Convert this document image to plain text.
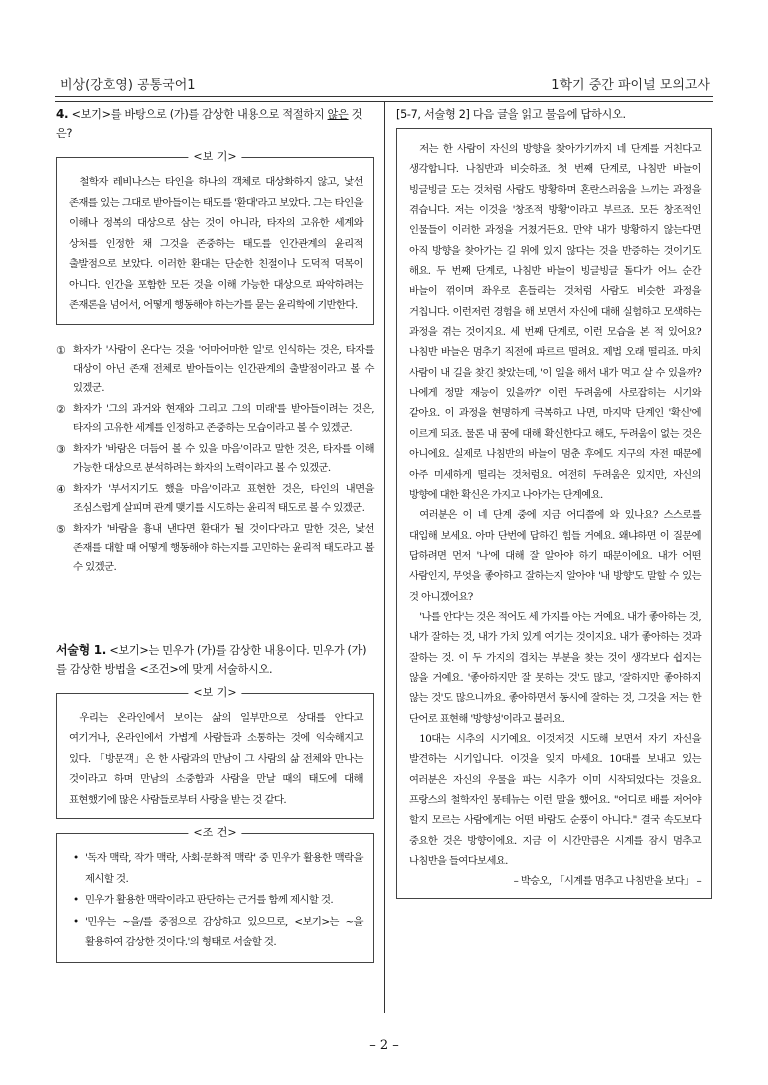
비상(강호영) 공통국어1	1학기 중간 파이널 모의고사
4. <보기>를 바탕으로 (가)를 감상한 내용으로 적절하지 않은 것은?
<보 기>
철학자 레비나스는 타인을 하나의 객체로 대상화하지 않고, 낯선 존재를 있는 그대로 받아들이는 태도를 '환대'라고 보았다. 그는 타인을 이해나 정복의 대상으로 삼는 것이 아니라, 타자의 고유한 세계와 상처를 인정한 채 그것을 존중하는 태도를 인간관계의 윤리적 출발점으로 보았다. 이러한 환대는 단순한 친절이나 도덕적 덕목이 아니다. 인간을 포함한 모든 것을 이해 가능한 대상으로 파악하려는 존재론을 넘어서, 어떻게 행동해야 하는가를 묻는 윤리학에 기반한다.
① 화자가 '사람이 온다'는 것을 '어마어마한 일'로 인식하는 것은, 타자를 대상이 아닌 존재 전체로 받아들이는 인간관계의 출발점이라고 볼 수 있겠군.
② 화자가 '그의 과거와 현재와 그리고 그의 미래'를 받아들이려는 것은, 타자의 고유한 세계를 인정하고 존중하는 모습이라고 볼 수 있겠군.
③ 화자가 '바람은 더듬어 볼 수 있을 마음'이라고 말한 것은, 타자를 이해 가능한 대상으로 분석하려는 화자의 노력이라고 볼 수 있겠군.
④ 화자가 '부서지기도 했을 마음'이라고 표현한 것은, 타인의 내면을 조심스럽게 살피며 관계 맺기를 시도하는 윤리적 태도로 볼 수 있겠군.
⑤ 화자가 '바람을 흉내 낸다면 환대가 될 것이다'라고 말한 것은, 낯선 존재를 대할 때 어떻게 행동해야 하는지를 고민하는 윤리적 태도라고 볼 수 있겠군.
서술형 1. <보기>는 민우가 (가)를 감상한 내용이다. 민우가 (가)를 감상한 방법을 <조건>에 맞게 서술하시오.
<보 기>
우리는 온라인에서 보이는 삶의 일부만으로 상대를 안다고 여기거나, 온라인에서 가볍게 사람들과 소통하는 것에 익숙해지고 있다. 「방문객」은 한 사람과의 만남이 그 사람의 삶 전체와 만나는 것이라고 하며 만남의 소중함과 사람을 만날 때의 태도에 대해 표현했기에 많은 사람들로부터 사랑을 받는 것 같다.
<조 건>
• '독자 맥락, 작가 맥락, 사회·문화적 맥락' 중 민우가 활용한 맥락을 제시할 것.
• 민우가 활용한 맥락이라고 판단하는 근거를 함께 제시할 것.
• '민우는 ~을/를 중점으로 감상하고 있으므로, <보기>는 ~을 활용하여 감상한 것이다.'의 형태로 서술할 것.
[5-7, 서술형 2] 다음 글을 읽고 물음에 답하시오.

저는 한 사람이 자신의 방향을 찾아가기까지 네 단계를 거친다고 생각합니다. 나침반과 비슷하죠. 첫 번째 단계로, 나침반 바늘이 빙글빙글 도는 것처럼 사람도 방황하며 혼란스러움을 느끼는 과정을 겪습니다. 저는 이것을 '창조적 방황'이라고 부르죠. 모든 창조적인 인물들이 이러한 과정을 거쳤거든요. 만약 내가 방황하지 않는다면 아직 방향을 찾아가는 길 위에 있지 않다는 것을 반증하는 것이기도 해요. 두 번째 단계로, 나침반 바늘이 빙글빙글 돌다가 어느 순간 바늘이 꺾이며 좌우로 흔들리는 것처럼 사람도 비슷한 과정을 거칩니다. 이런저런 경험을 해 보면서 자신에 대해 실험하고 모색하는 과정을 겪는 것이지요. 세 번째 단계로, 이런 모습을 본 적 있어요? 나침반 바늘은 멈추기 직전에 파르르 떨려요. 제법 오래 떨리죠. 마치 사람이 내 길을 찾긴 찾았는데, '이 일을 해서 내가 먹고 살 수 있을까? 나에게 정말 재능이 있을까?' 이런 두려움에 사로잡히는 시기와 같아요. 이 과정을 현명하게 극복하고 나면, 마지막 단계인 '확신'에 이르게 되죠. 물론 내 꿈에 대해 확신한다고 해도, 두려움이 없는 것은 아니에요. 실제로 나침반의 바늘이 멈춘 후에도 지구의 자전 때문에 아주 미세하게 떨리는 것처럼요. 여전히 두려움은 있지만, 자신의 방향에 대한 확신은 가지고 나아가는 단계예요.

여러분은 이 네 단계 중에 지금 어디쯤에 와 있나요? 스스로를 대입해 보세요. 아마 단번에 답하긴 힘들 거예요. 왜냐하면 이 질문에 답하려면 먼저 '나'에 대해 잘 알아야 하기 때문이에요. 내가 어떤 사람인지, 무엇을 좋아하고 잘하는지 알아야 '내 방향'도 말할 수 있는 것 아니겠어요?

'나를 안다'는 것은 적어도 세 가지를 아는 거예요. 내가 좋아하는 것, 내가 잘하는 것, 내가 가치 있게 여기는 것이지요. 내가 좋아하는 것과 잘하는 것. 이 두 가지의 겹치는 부분을 찾는 것이 생각보다 쉽지는 않을 거예요. '좋아하지만 잘 못하는 것'도 많고, '잘하지만 좋아하지 않는 것'도 많으니까요. 좋아하면서 동시에 잘하는 것, 그것을 저는 한 단어로 표현해 '방향성'이라고 불러요.

10대는 시추의 시기예요. 이것저것 시도해 보면서 자기 자신을 발견하는 시기입니다. 이것을 잊지 마세요. 10대를 보내고 있는 여러분은 자신의 우물을 파는 시추가 이미 시작되었다는 것을요. 프랑스의 철학자인 몽테뉴는 이런 말을 했어요. "어디로 배를 저어야 할지 모르는 사람에게는 어떤 바람도 순풍이 아니다." 결국 속도보다 중요한 것은 방향이에요. 지금 이 시간만큼은 시계를 잠시 멈추고 나침반을 들여다보세요.

– 박승오, 「시계를 멈추고 나침반을 보다」 –

– 2 –
